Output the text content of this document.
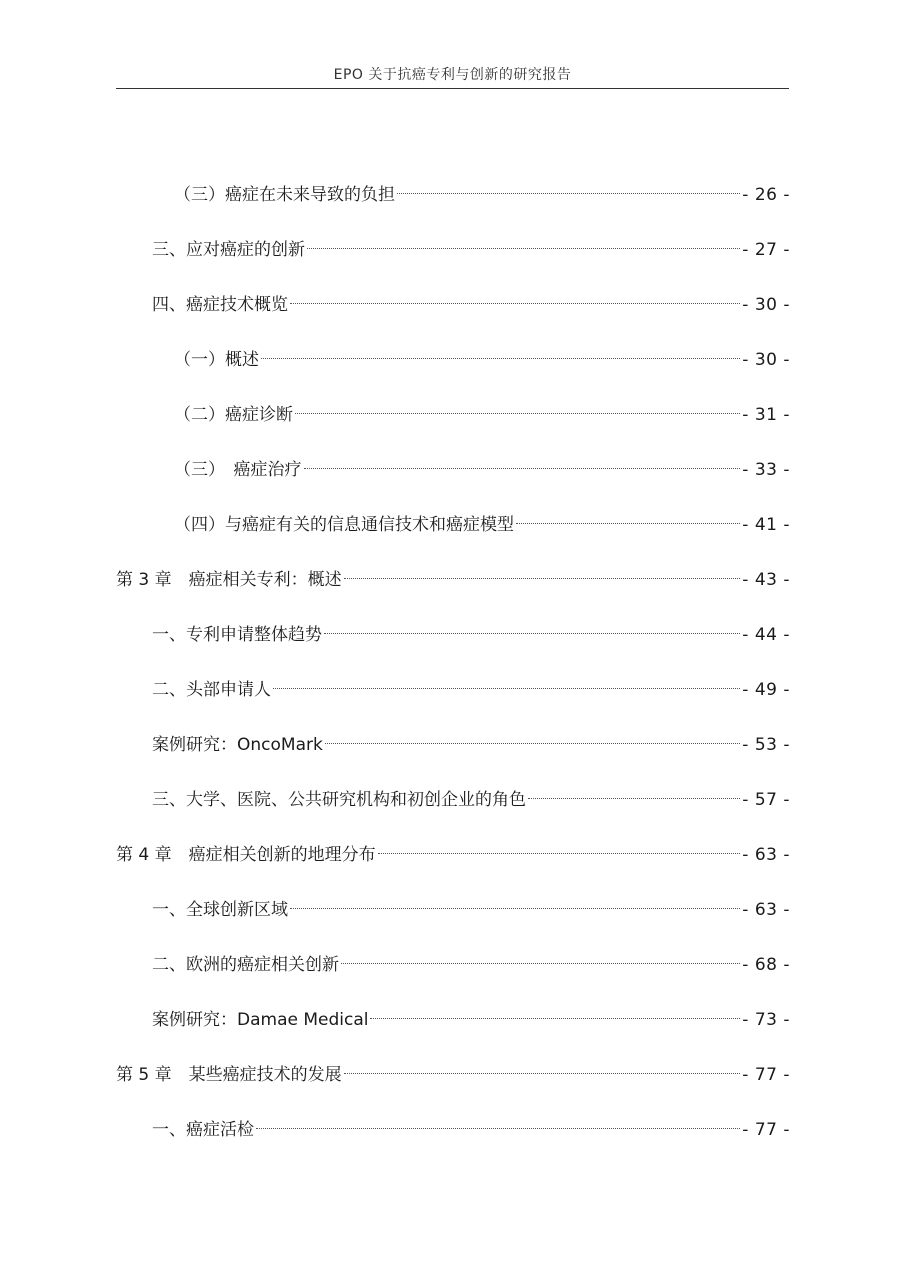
EPO 关于抗癌专利与创新的研究报告
（三）癌症在未来导致的负担	- 26 -
三、应对癌症的创新	- 27 -
四、癌症技术概览	- 30 -
（一）概述	- 30 -
（二）癌症诊断	- 31 -
（三）　癌症治疗	- 33 -
（四）与癌症有关的信息通信技术和癌症模型	- 41 -
第 3 章　癌症相关专利：概述	- 43 -
一、专利申请整体趋势	- 44 -
二、头部申请人	- 49 -
案例研究：OncoMark	- 53 -
三、大学、医院、公共研究机构和初创企业的角色	- 57 -
第 4 章　癌症相关创新的地理分布	- 63 -
一、全球创新区域	- 63 -
二、欧洲的癌症相关创新	- 68 -
案例研究：Damae Medical	- 73 -
第 5 章　某些癌症技术的发展	- 77 -
一、癌症活检	- 77 -
